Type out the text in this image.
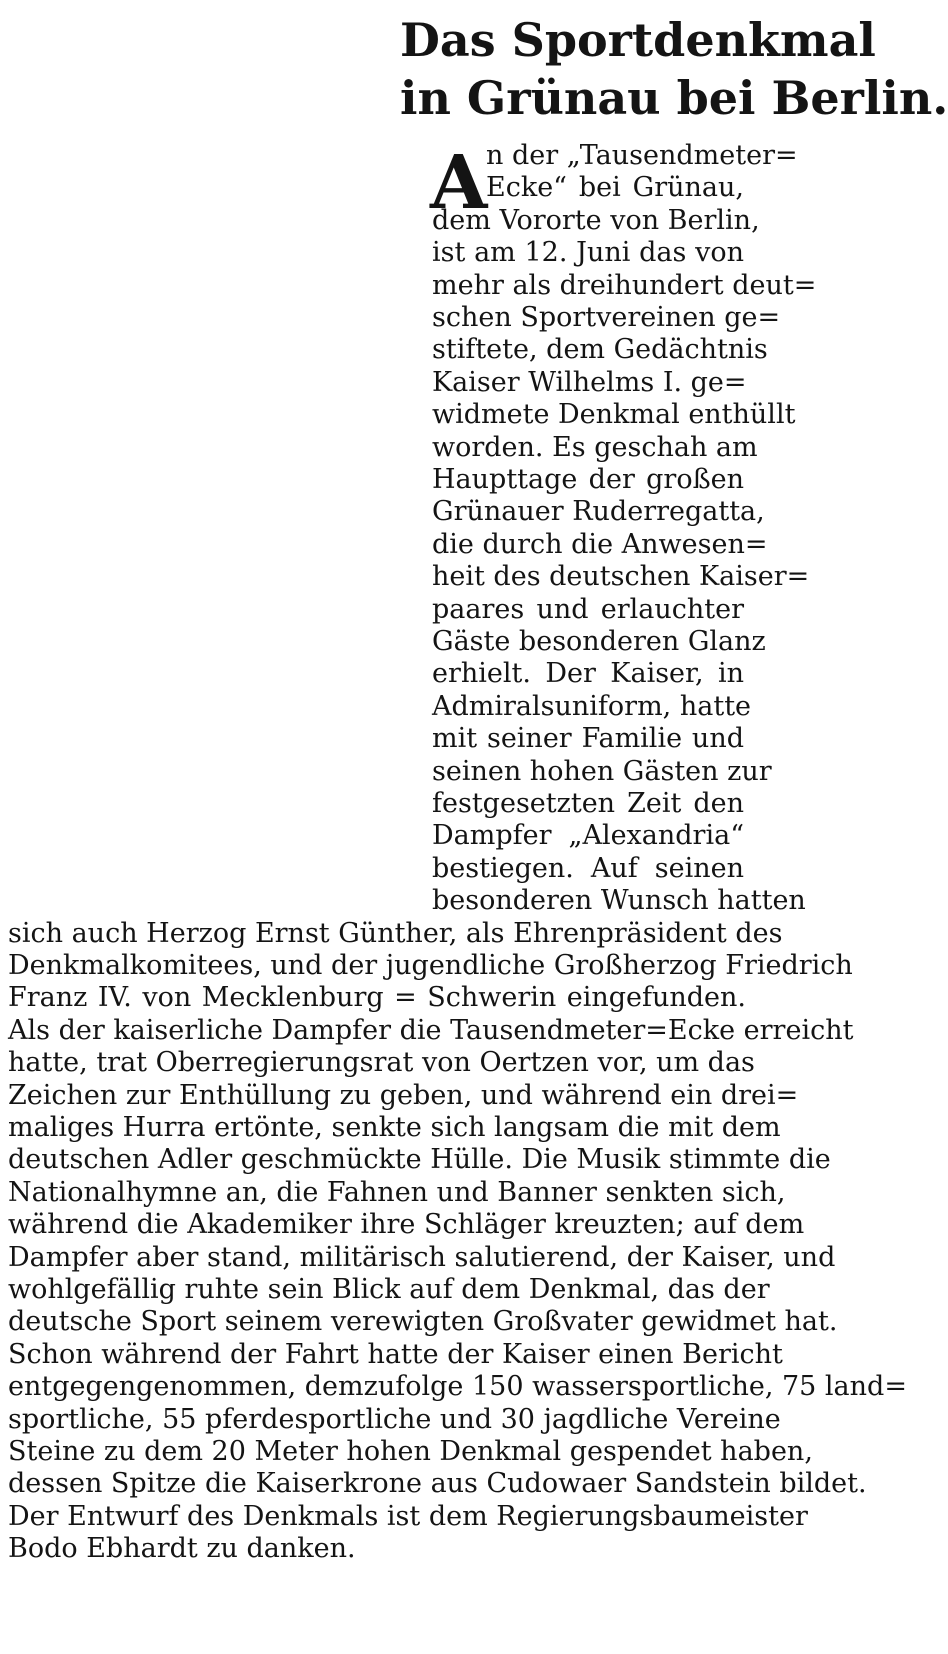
Das Sportdenkmal
in Grünau bei Berlin.
A
n der „Tausendmeter=
Ecke“ bei Grünau,
dem Vororte von Berlin,
ist am 12. Juni das von
mehr als dreihundert deut=
schen Sportvereinen ge=
stiftete, dem Gedächtnis
Kaiser Wilhelms I. ge=
widmete Denkmal enthüllt
worden. Es geschah am
Haupttage der großen
Grünauer Ruderregatta,
die durch die Anwesen=
heit des deutschen Kaiser=
paares und erlauchter
Gäste besonderen Glanz
erhielt. Der Kaiser, in
Admiralsuniform, hatte
mit seiner Familie und
seinen hohen Gästen zur
festgesetzten Zeit den
Dampfer „Alexandria“
bestiegen. Auf seinen
besonderen Wunsch hatten
sich auch Herzog Ernst Günther, als Ehrenpräsident des
Denkmalkomitees, und der jugendliche Großherzog Friedrich
Franz IV. von Mecklenburg = Schwerin eingefunden.
Als der kaiserliche Dampfer die Tausendmeter=Ecke erreicht
hatte, trat Oberregierungsrat von Oertzen vor, um das
Zeichen zur Enthüllung zu geben, und während ein drei=
maliges Hurra ertönte, senkte sich langsam die mit dem
deutschen Adler geschmückte Hülle. Die Musik stimmte die
Nationalhymne an, die Fahnen und Banner senkten sich,
während die Akademiker ihre Schläger kreuzten; auf dem
Dampfer aber stand, militärisch salutierend, der Kaiser, und
wohlgefällig ruhte sein Blick auf dem Denkmal, das der
deutsche Sport seinem verewigten Großvater gewidmet hat.
Schon während der Fahrt hatte der Kaiser einen Bericht
entgegengenommen, demzufolge 150 wassersportliche, 75 land=
sportliche, 55 pferdesportliche und 30 jagdliche Vereine
Steine zu dem 20 Meter hohen Denkmal gespendet haben,
dessen Spitze die Kaiserkrone aus Cudowaer Sandstein bildet.
Der Entwurf des Denkmals ist dem Regierungsbaumeister
Bodo Ebhardt zu danken.
